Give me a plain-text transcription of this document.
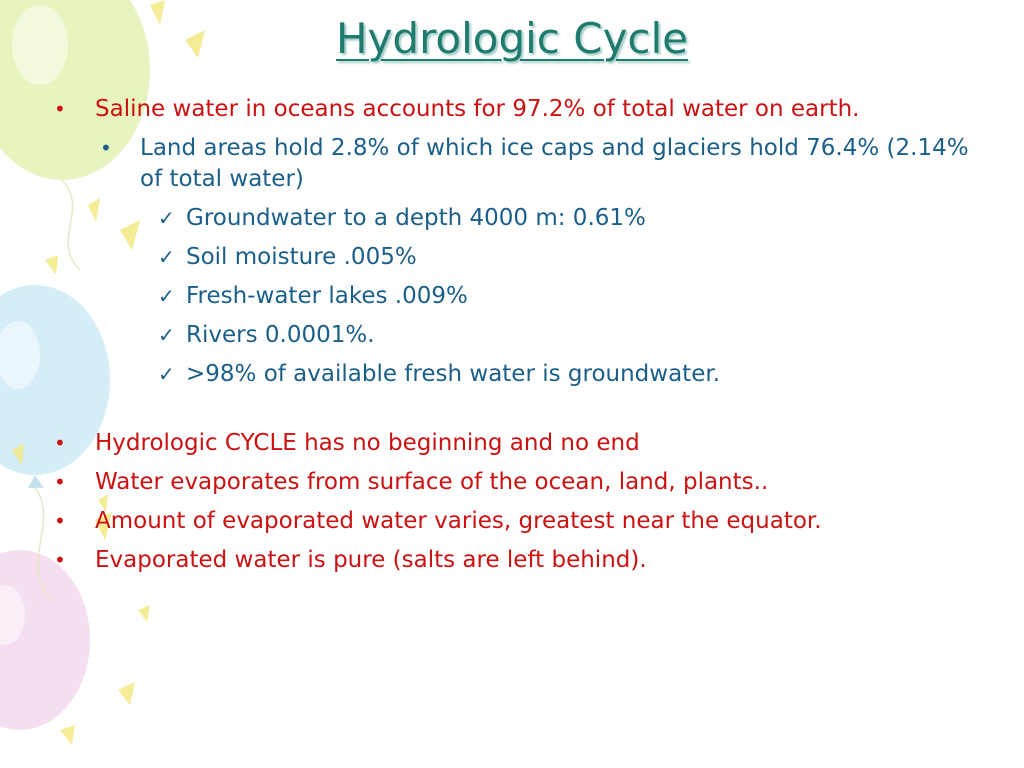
Hydrologic Cycle
•	Saline water in oceans accounts for 97.2% of total water on earth.
•	Land areas hold 2.8% of which ice caps and glaciers hold 76.4% (2.14% of total water)
✓ Groundwater to a depth 4000 m: 0.61%
✓ Soil moisture .005%
✓ Fresh-water lakes .009%
✓ Rivers 0.0001%.
✓ >98% of available fresh water is groundwater.
•	Hydrologic CYCLE has no beginning and no end
•	Water evaporates from surface of the ocean, land, plants..
•	Amount of evaporated water varies, greatest near the equator.
•	Evaporated water is pure (salts are left behind).
